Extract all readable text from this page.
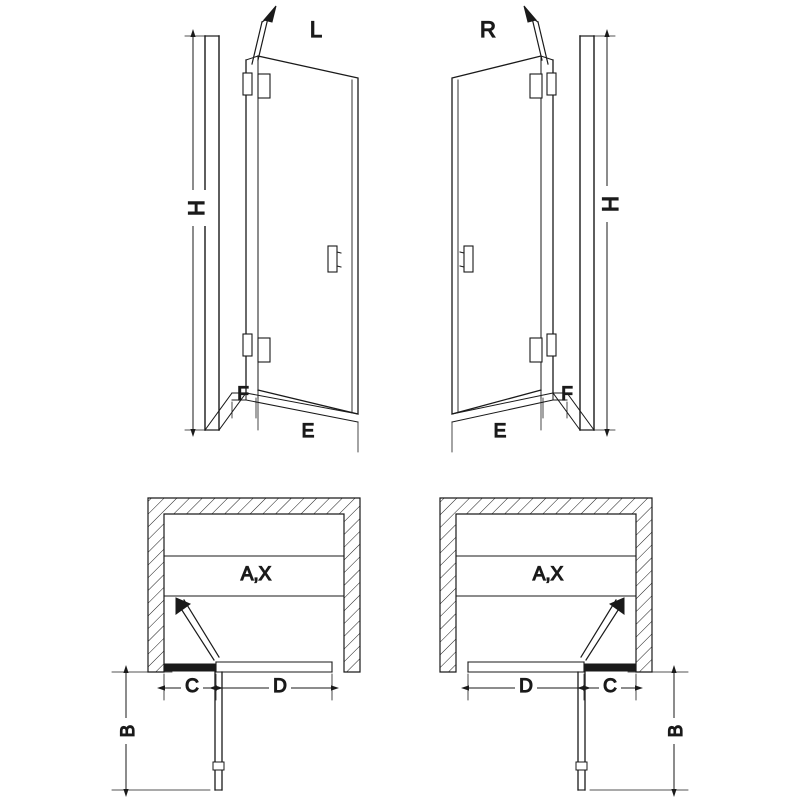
H
F
E
L
H
E
F
R
A,X
C	D
B
A,X
D	C
B
